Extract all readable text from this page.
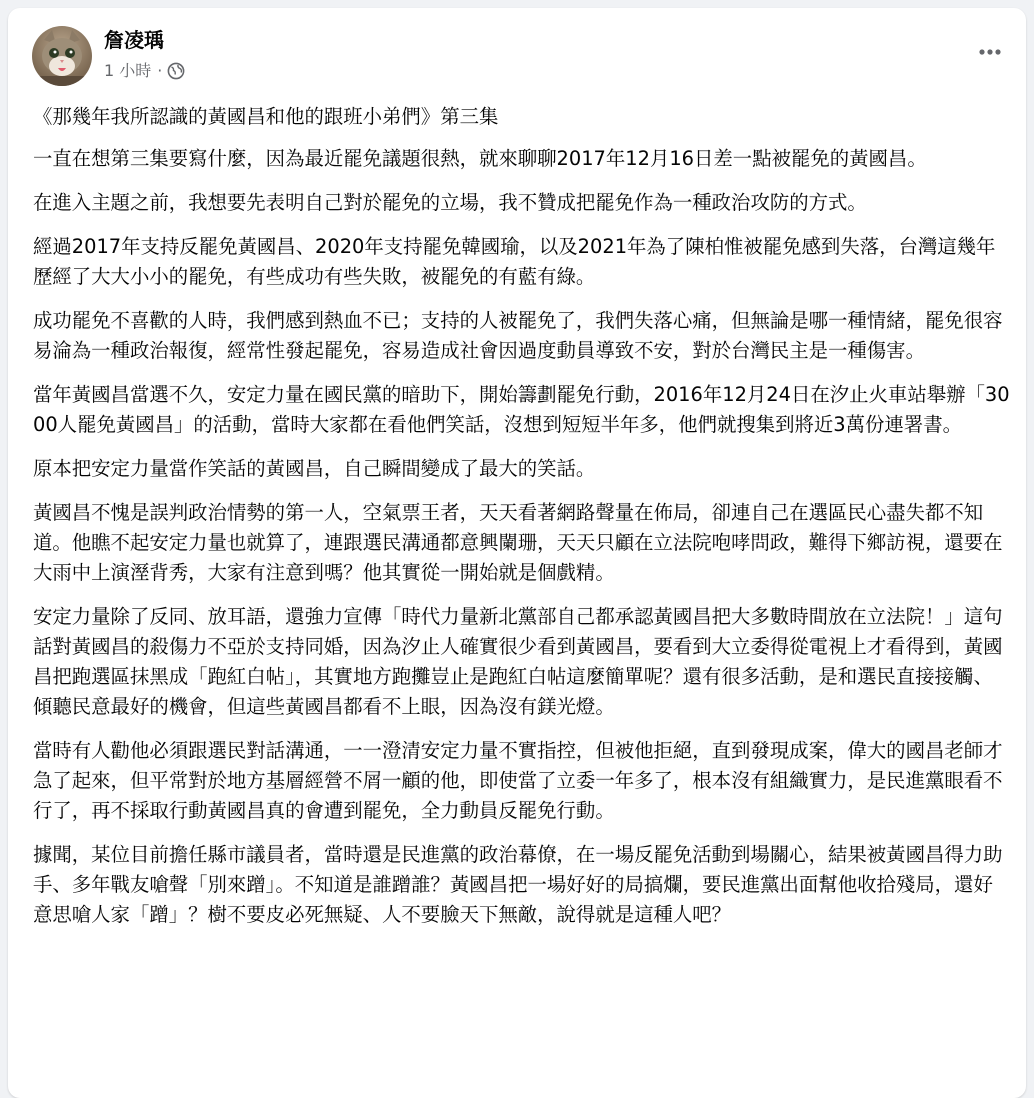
詹凌瑀
1 小時 ·

《那幾年我所認識的黃國昌和他的跟班小弟們》第三集

一直在想第三集要寫什麼，因為最近罷免議題很熱，就來聊聊2017年12月16日差一點被罷免的黃國昌。

在進入主題之前，我想要先表明自己對於罷免的立場，我不贊成把罷免作為一種政治攻防的方式。

經過2017年支持反罷免黃國昌、2020年支持罷免韓國瑜，以及2021年為了陳柏惟被罷免感到失落，台灣這幾年歷經了大大小小的罷免，有些成功有些失敗，被罷免的有藍有綠。

成功罷免不喜歡的人時，我們感到熱血不已；支持的人被罷免了，我們失落心痛，但無論是哪一種情緒，罷免很容易淪為一種政治報復，經常性發起罷免，容易造成社會因過度動員導致不安，對於台灣民主是一種傷害。

當年黃國昌當選不久，安定力量在國民黨的暗助下，開始籌劃罷免行動，2016年12月24日在汐止火車站舉辦「3000人罷免黃國昌」的活動，當時大家都在看他們笑話，沒想到短短半年多，他們就搜集到將近3萬份連署書。

原本把安定力量當作笑話的黃國昌，自己瞬間變成了最大的笑話。

黃國昌不愧是誤判政治情勢的第一人，空氣票王者，天天看著網路聲量在佈局，卻連自己在選區民心盡失都不知道。他瞧不起安定力量也就算了，連跟選民溝通都意興闌珊，天天只顧在立法院咆哮問政，難得下鄉訪視，還要在大雨中上演溼背秀，大家有注意到嗎？他其實從一開始就是個戲精。

安定力量除了反同、放耳語，還強力宣傳「時代力量新北黨部自己都承認黃國昌把大多數時間放在立法院！」這句話對黃國昌的殺傷力不亞於支持同婚，因為汐止人確實很少看到黃國昌，要看到大立委得從電視上才看得到，黃國昌把跑選區抹黑成「跑紅白帖」，其實地方跑攤豈止是跑紅白帖這麼簡單呢？還有很多活動，是和選民直接接觸、傾聽民意最好的機會，但這些黃國昌都看不上眼，因為沒有鎂光燈。

當時有人勸他必須跟選民對話溝通，一一澄清安定力量不實指控，但被他拒絕，直到發現成案，偉大的國昌老師才急了起來，但平常對於地方基層經營不屑一顧的他，即使當了立委一年多了，根本沒有組織實力，是民進黨眼看不行了，再不採取行動黃國昌真的會遭到罷免，全力動員反罷免行動。

據聞，某位目前擔任縣市議員者，當時還是民進黨的政治幕僚，在一場反罷免活動到場關心，結果被黃國昌得力助手、多年戰友嗆聲「別來蹭」。不知道是誰蹭誰？黃國昌把一場好好的局搞爛，要民進黨出面幫他收拾殘局，還好意思嗆人家「蹭」？樹不要皮必死無疑、人不要臉天下無敵，說得就是這種人吧？
